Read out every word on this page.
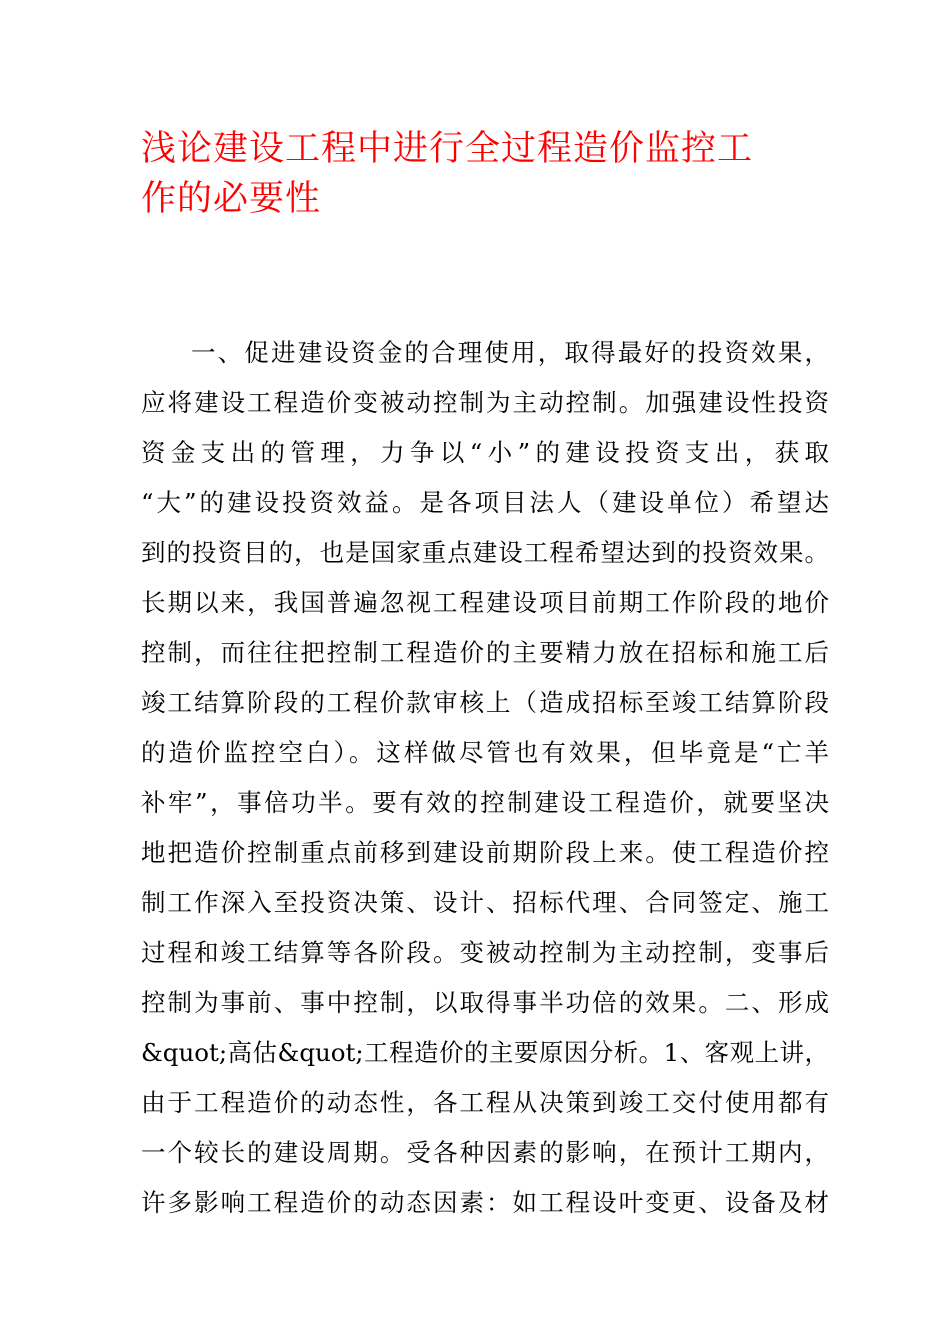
浅论建设工程中进行全过程造价监控工
作的必要性
一、促进建设资金的合理使用，取得最好的投资效果，
应将建设工程造价变被动控制为主动控制。加强建设性投资
资金支出的管理，力争以“小”的建设投资支出，获取
“大”的建设投资效益。是各项目法人（建设单位）希望达
到的投资目的，也是国家重点建设工程希望达到的投资效果。
长期以来，我国普遍忽视工程建设项目前期工作阶段的地价
控制，而往往把控制工程造价的主要精力放在招标和施工后
竣工结算阶段的工程价款审核上（造成招标至竣工结算阶段
的造价监控空白）。这样做尽管也有效果，但毕竟是“亡羊
补牢”，事倍功半。要有效的控制建设工程造价，就要坚决
地把造价控制重点前移到建设前期阶段上来。使工程造价控
制工作深入至投资决策、设计、招标代理、合同签定、施工
过程和竣工结算等各阶段。变被动控制为主动控制，变事后
控制为事前、事中控制，以取得事半功倍的效果。二、形成
&quot;高估&quot;工程造价的主要原因分析。1、客观上讲，
由于工程造价的动态性，各工程从决策到竣工交付使用都有
一个较长的建设周期。受各种因素的影响，在预计工期内，
许多影响工程造价的动态因素：如工程设叶变更、设备及材
